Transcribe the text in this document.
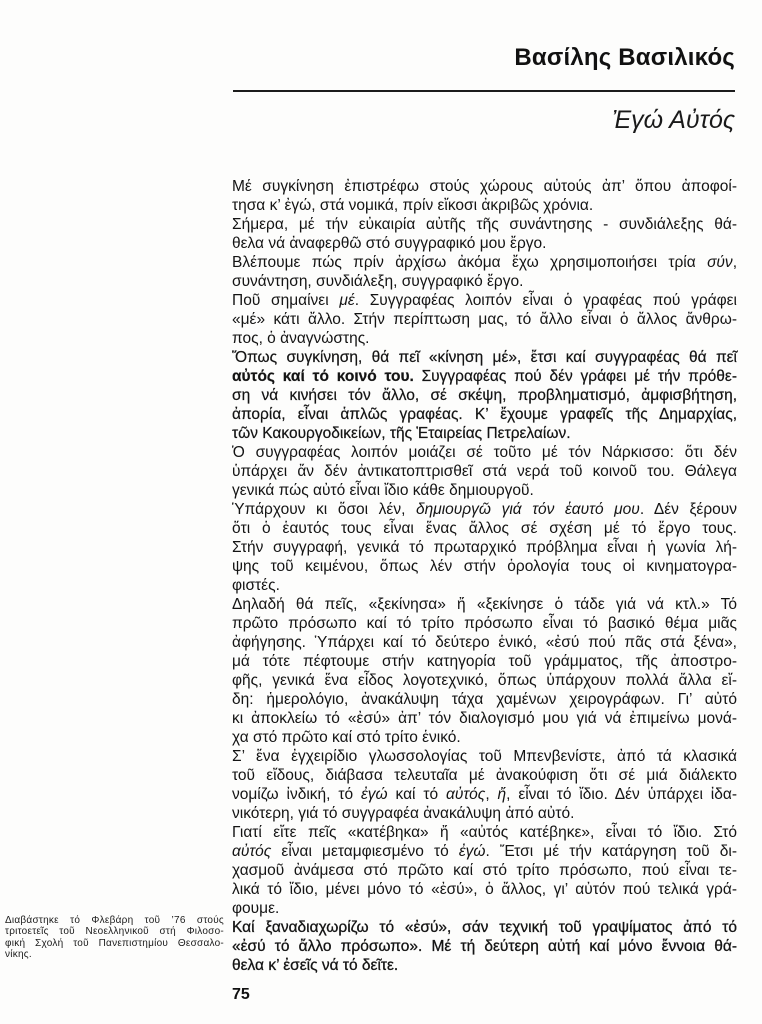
Βασίλης Βασιλικός
Ἐγώ Αὐτός
Μέ συγκίνηση ἐπιστρέφω στούς χώρους αὐτούς ἀπ’ ὅπου ἀποφοί-
τησα κ’ ἐγώ, στά νομικά, πρίν εἴκοσι ἀκριβῶς χρόνια.
Σήμερα, μέ τήν εὐκαιρία αὐτῆς τῆς συνάντησης - συνδιάλεξης θά-
θελα νά ἀναφερθῶ στό συγγραφικό μου ἔργο.
Βλέπουμε πώς πρίν ἀρχίσω ἀκόμα ἔχω χρησιμοποιήσει τρία σύν,
συνάντηση, συνδιάλεξη, συγγραφικό ἔργο.
Ποῦ σημαίνει μέ. Συγγραφέας λοιπόν εἶναι ὁ γραφέας πού γράφει
«μέ» κάτι ἄλλο. Στήν περίπτωση μας, τό ἄλλο εἶναι ὁ ἄλλος ἄνθρω-
πος, ὁ ἀναγνώστης.
Ὅπως συγκίνηση, θά πεῖ «κίνηση μέ», ἔτσι καί συγγραφέας θά πεῖ
αὐτός καί τό κοινό του. Συγγραφέας πού δέν γράφει μέ τήν πρόθε-
ση νά κινήσει τόν ἄλλο, σέ σκέψη, προβληματισμό, ἀμφισβήτηση,
ἀπορία, εἶναι ἁπλῶς γραφέας. Κ’ ἔχουμε γραφεῖς τῆς Δημαρχίας,
τῶν Κακουργοδικείων, τῆς Ἑταιρείας Πετρελαίων.
Ὁ συγγραφέας λοιπόν μοιάζει σέ τοῦτο μέ τόν Νάρκισσο: ὅτι δέν
ὑπάρχει ἄν δέν ἀντικατοπτρισθεῖ στά νερά τοῦ κοινοῦ του. Θάλεγα
γενικά πώς αὐτό εἶναι ἴδιο κάθε δημιουργοῦ.
Ὑπάρχουν κι ὅσοι λέν, δημιουργῶ γιά τόν ἑαυτό μου. Δέν ξέρουν
ὅτι ὁ ἑαυτός τους εἶναι ἕνας ἄλλος σέ σχέση μέ τό ἔργο τους.
Στήν συγγραφή, γενικά τό πρωταρχικό πρόβλημα εἶναι ἡ γωνία λή-
ψης τοῦ κειμένου, ὅπως λέν στήν ὁρολογία τους οἱ κινηματογρα-
φιστές.
Δηλαδή θά πεῖς, «ξεκίνησα» ἤ «ξεκίνησε ὁ τάδε γιά νά κτλ.» Τό
πρῶτο πρόσωπο καί τό τρίτο πρόσωπο εἶναι τό βασικό θέμα μιᾶς
ἀφήγησης. Ὑπάρχει καί τό δεύτερο ἑνικό, «ἐσύ πού πᾶς στά ξένα»,
μά τότε πέφτουμε στήν κατηγορία τοῦ γράμματος, τῆς ἀποστρο-
φῆς, γενικά ἕνα εἶδος λογοτεχνικό, ὅπως ὑπάρχουν πολλά ἄλλα εἴ-
δη: ἡμερολόγιο, ἀνακάλυψη τάχα χαμένων χειρογράφων. Γι’ αὐτό
κι ἀποκλείω τό «ἐσύ» ἀπ’ τόν διαλογισμό μου γιά νά ἐπιμείνω μονά-
χα στό πρῶτο καί στό τρίτο ἑνικό.
Σ’ ἕνα ἐγχειρίδιο γλωσσολογίας τοῦ Μπενβενίστε, ἀπό τά κλασικά
τοῦ εἴδους, διάβασα τελευταῖα μέ ἀνακούφιση ὅτι σέ μιά διάλεκτο
νομίζω ἰνδική, τό ἐγώ καί τό αὐτός, ἤ, εἶναι τό ἴδιο. Δέν ὑπάρχει ἰδα-
νικότερη, γιά τό συγγραφέα ἀνακάλυψη ἀπό αὐτό.
Γιατί εἴτε πεῖς «κατέβηκα» ἤ «αὐτός κατέβηκε», εἶναι τό ἴδιο. Στό
αὐτός εἶναι μεταμφιεσμένο τό ἐγώ. Ἔτσι μέ τήν κατάργηση τοῦ δι-
χασμοῦ ἀνάμεσα στό πρῶτο καί στό τρίτο πρόσωπο, πού εἶναι τε-
λικά τό ἴδιο, μένει μόνο τό «ἐσύ», ὁ ἄλλος, γι’ αὐτόν πού τελικά γρά-
φουμε.
Καί ξαναδιαχωρίζω τό «ἐσύ», σάν τεχνική τοῦ γραψίματος ἀπό τό
«ἐσύ τό ἄλλο πρόσωπο». Μέ τή δεύτερη αὐτή καί μόνο ἔννοια θά-
θελα κ’ ἐσεῖς νά τό δεῖτε.
Διαβάστηκε τό Φλεβάρη τοῦ ’76 στούς
τριτοετεῖς τοῦ Νεοελληνικοῦ στή Φιλοσο-
φική Σχολή τοῦ Πανεπιστημίου Θεσσαλο-
νίκης.
75
